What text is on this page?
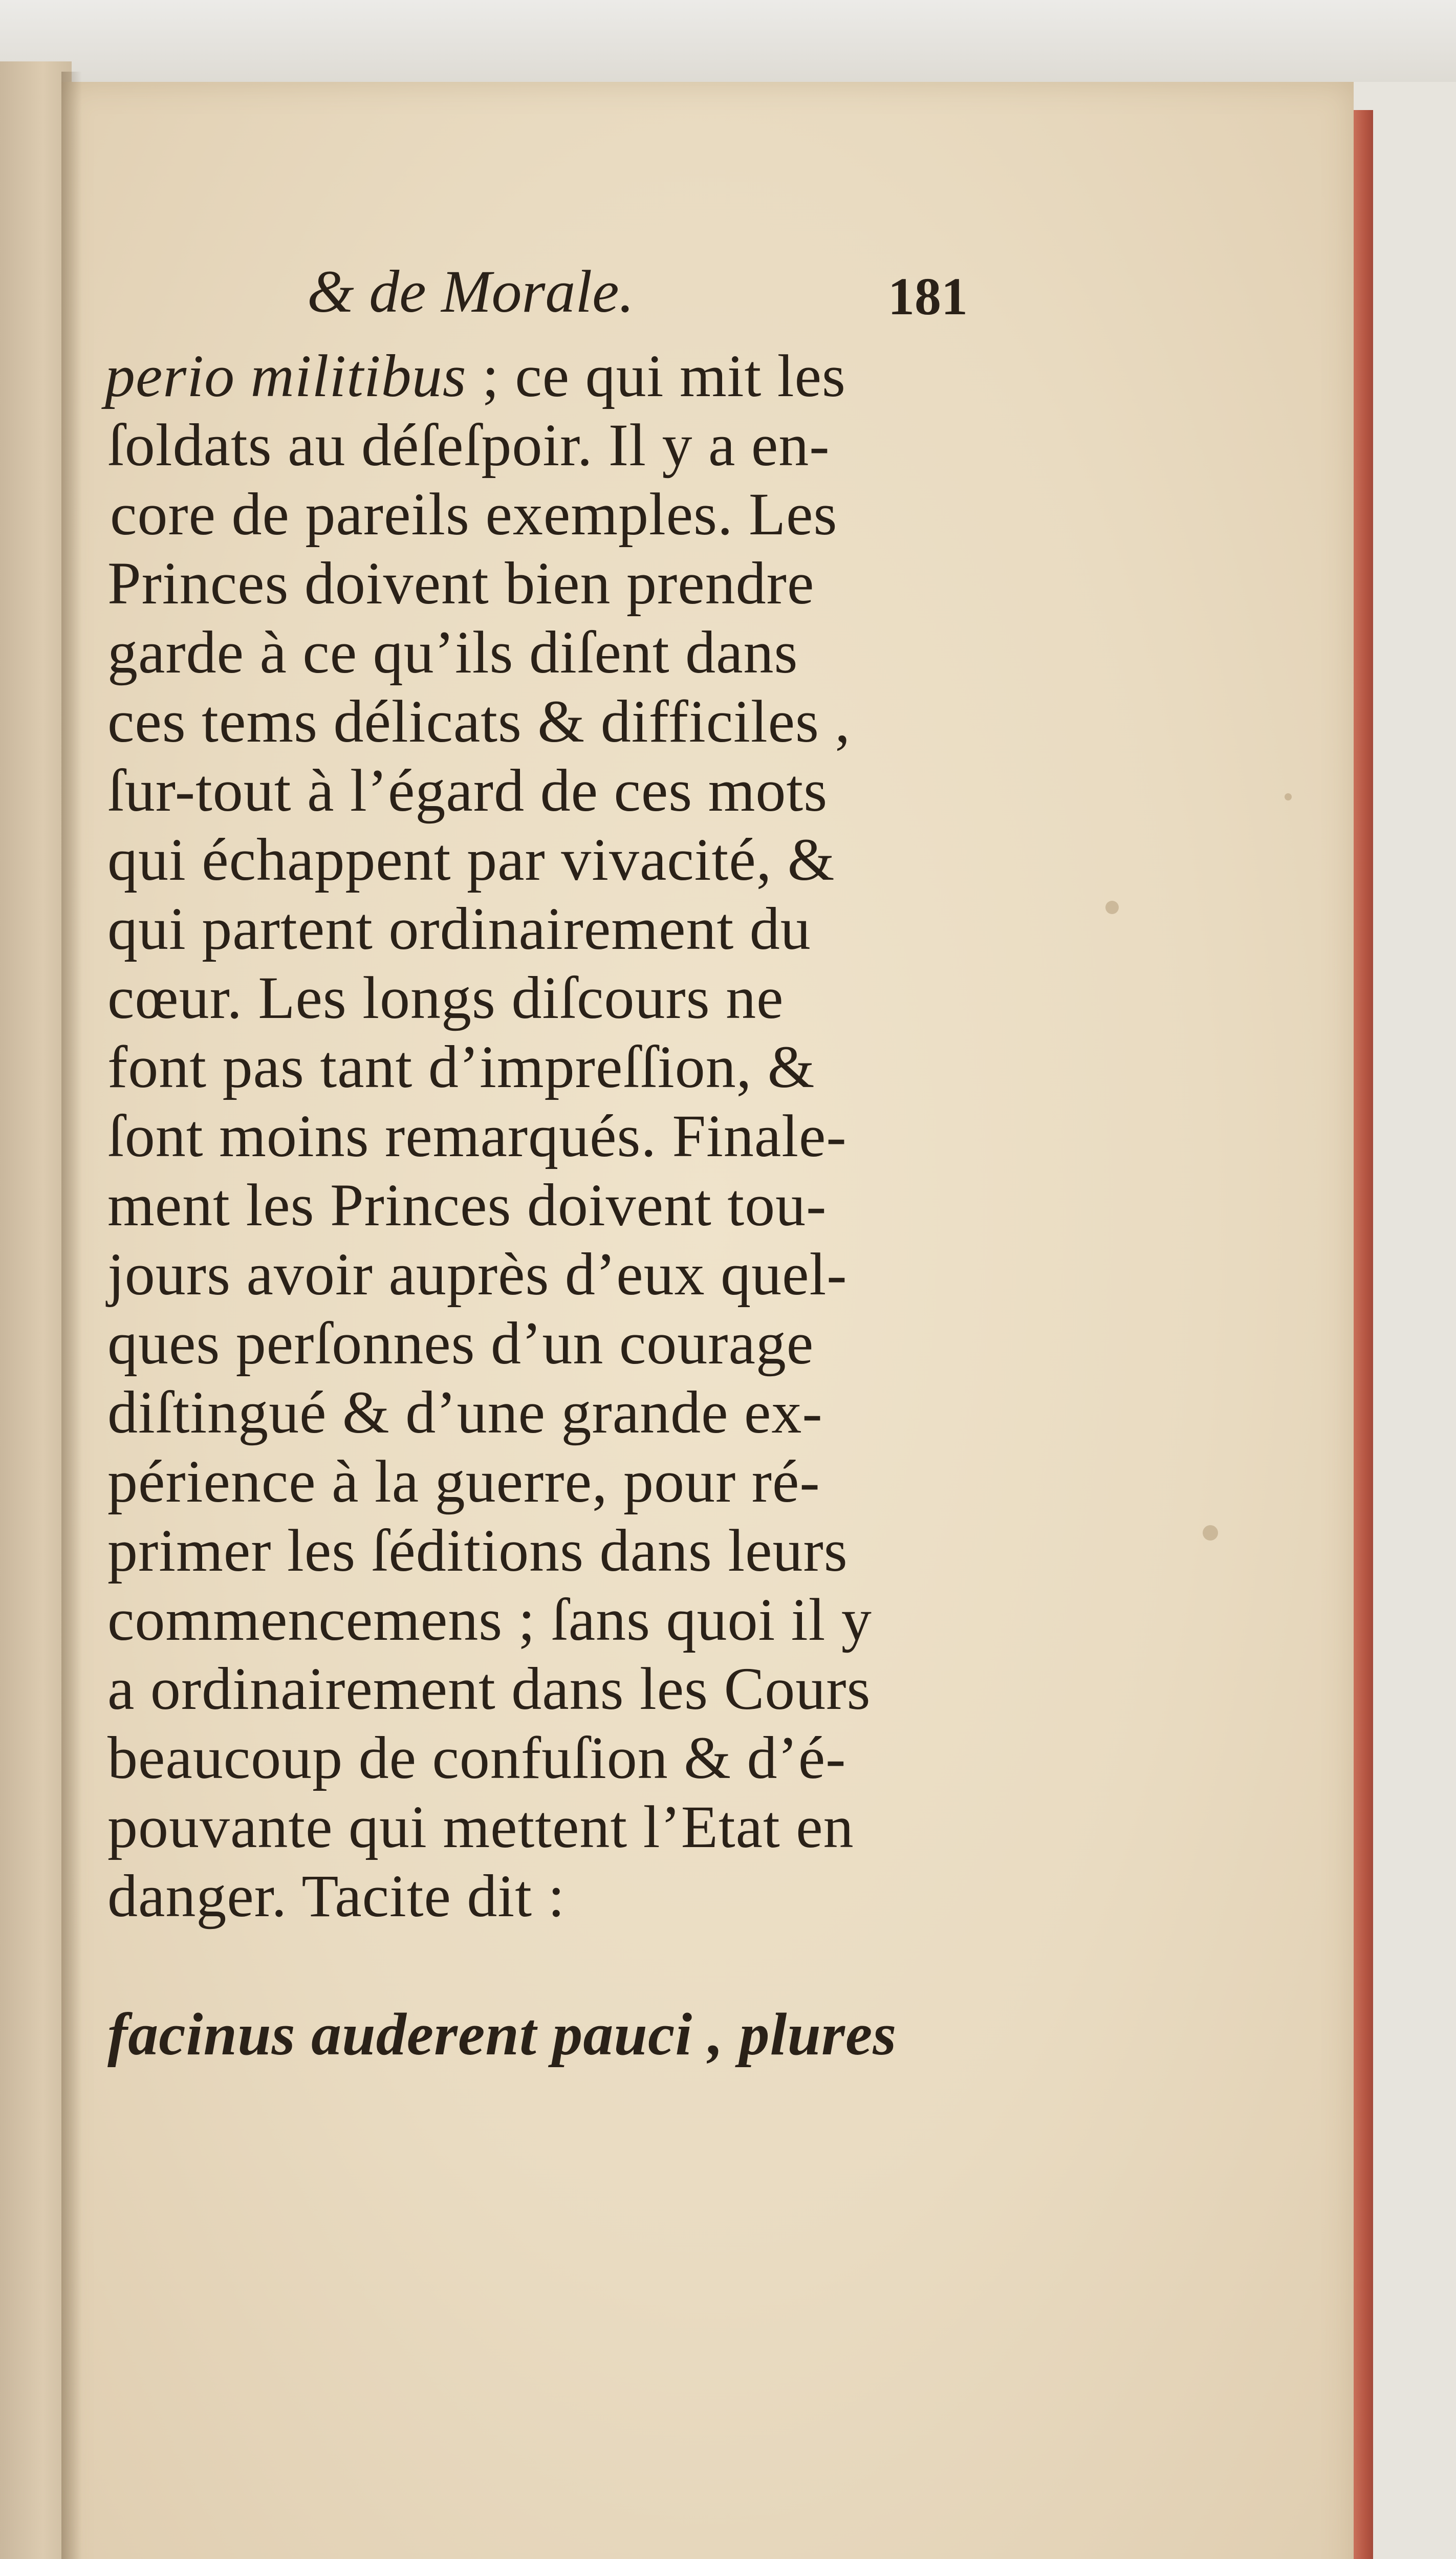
& de Morale.	181
perio militibus ; ce qui mit les
ſoldats au déſeſpoir. Il y a en-
core de pareils exemples. Les
Princes doivent bien prendre
garde à ce qu’ils diſent dans
ces tems délicats & difficiles ,
ſur-tout à l’égard de ces mots
qui échappent par vivacité, &
qui partent ordinairement du
cœur. Les longs diſcours ne
font pas tant d’impreſſion, &
ſont moins remarqués. Finale-
ment les Princes doivent tou-
jours avoir auprès d’eux quel-
ques perſonnes d’un courage
diſtingué & d’une grande ex-
périence à la guerre, pour ré-
primer les ſéditions dans leurs
commencemens ; ſans quoi il y
a ordinairement dans les Cours
beaucoup de confuſion & d’é-
pouvante qui mettent l’Etat en
danger. Tacite dit :
facinus auderent pauci , plures
